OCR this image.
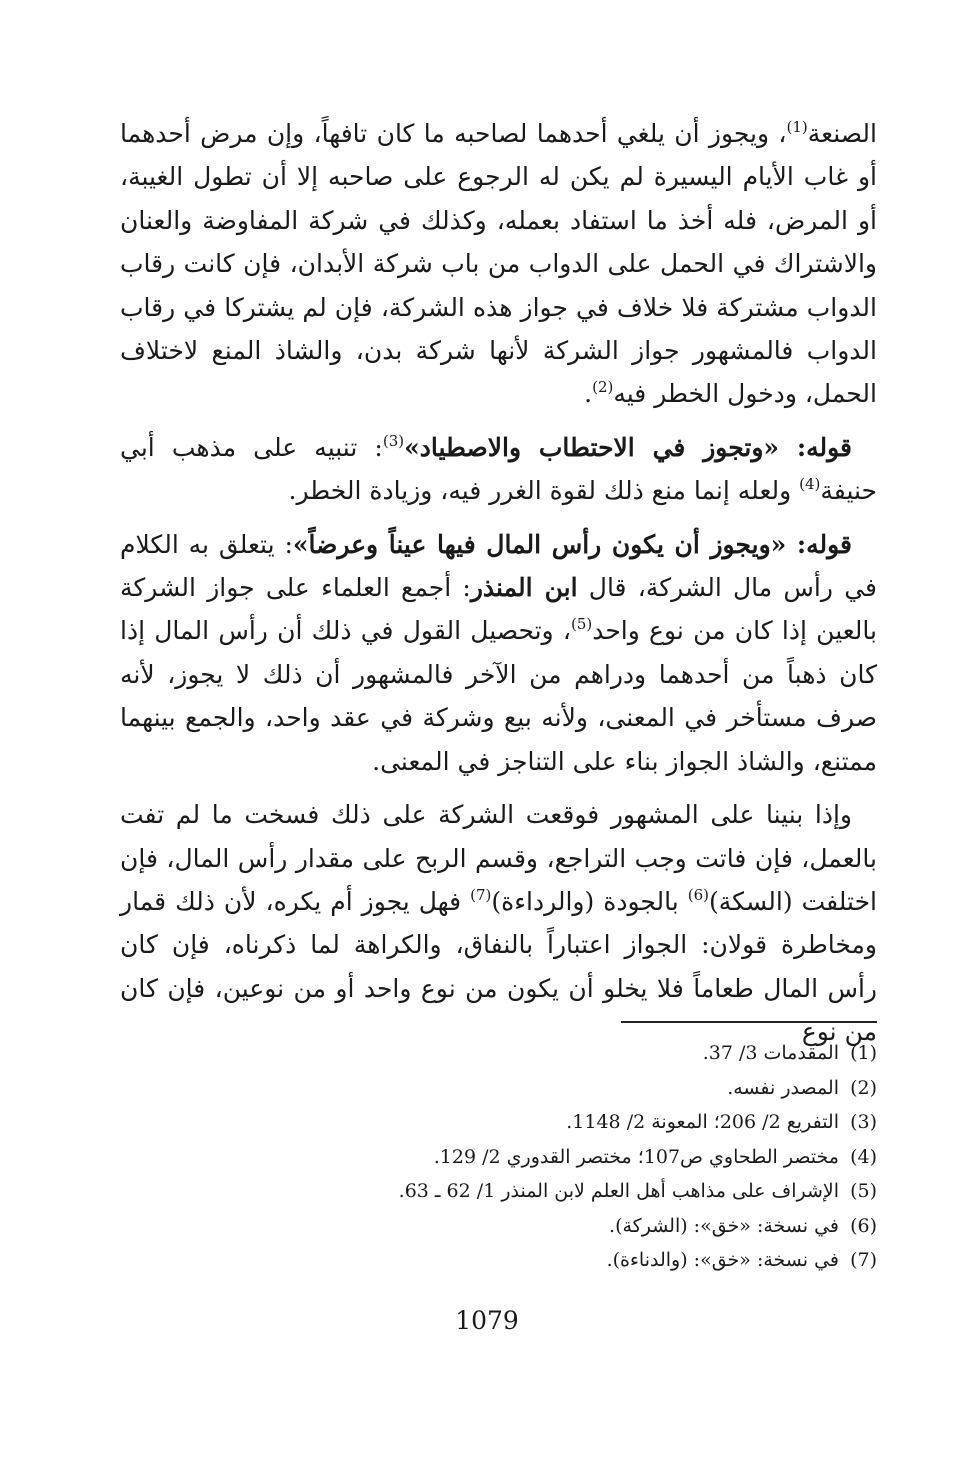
الصنعة$^{(1)}$، ويجوز أن يلغي أحدهما لصاحبه ما كان تافهاً، وإن مرض أحدهما أو غاب الأيام اليسيرة لم يكن له الرجوع على صاحبه إلا أن تطول الغيبة، أو المرض، فله أخذ ما استفاد بعمله، وكذلك في شركة المفاوضة والعنان والاشتراك في الحمل على الدواب من باب شركة الأبدان، فإن كانت رقاب الدواب مشتركة فلا خلاف في جواز هذه الشركة، فإن لم يشتركا في رقاب الدواب فالمشهور جواز الشركة لأنها شركة بدن، والشاذ المنع لاختلاف الحمل، ودخول الخطر فيه$^{(2)}$.

 قوله: «وتجوز في الاحتطاب والاصطياد»$^{(3)}$: تنبيه على مذهب أبي حنيفة$^{(4)}$ ولعله إنما منع ذلك لقوة الغرر فيه، وزيادة الخطر.

 قوله: «ويجوز أن يكون رأس المال فيها عيناً وعرضاً»: يتعلق به الكلام في رأس مال الشركة، قال ابن المنذر: أجمع العلماء على جواز الشركة بالعين إذا كان من نوع واحد$^{(5)}$، وتحصيل القول في ذلك أن رأس المال إذا كان ذهباً من أحدهما ودراهم من الآخر فالمشهور أن ذلك لا يجوز، لأنه صرف مستأخر في المعنى، ولأنه بيع وشركة في عقد واحد، والجمع بينهما ممتنع، والشاذ الجواز بناء على التناجز في المعنى.

 وإذا بنينا على المشهور فوقعت الشركة على ذلك فسخت ما لم تفت بالعمل، فإن فاتت وجب التراجع، وقسم الربح على مقدار رأس المال، فإن اختلفت (السكة)$^{(6)}$ بالجودة (والرداءة)$^{(7)}$ فهل يجوز أم يكره، لأن ذلك قمار ومخاطرة قولان: الجواز اعتباراً بالنفاق، والكراهة لما ذكرناه، فإن كان رأس المال طعاماً فلا يخلو أن يكون من نوع واحد أو من نوعين، فإن كان من نوع

(1)المقدمات 3/ 37.
(2)المصدر نفسه.
(3)التفريع 2/ 206؛ المعونة 2/ 1148.
(4)مختصر الطحاوي ص107؛ مختصر القدوري 2/ 129.
(5)الإشراف على مذاهب أهل العلم لابن المنذر 1/ 62 ـ 63.
(6)في نسخة: «خق»: (الشركة).
(7)في نسخة: «خق»: (والدناءة).
1079
